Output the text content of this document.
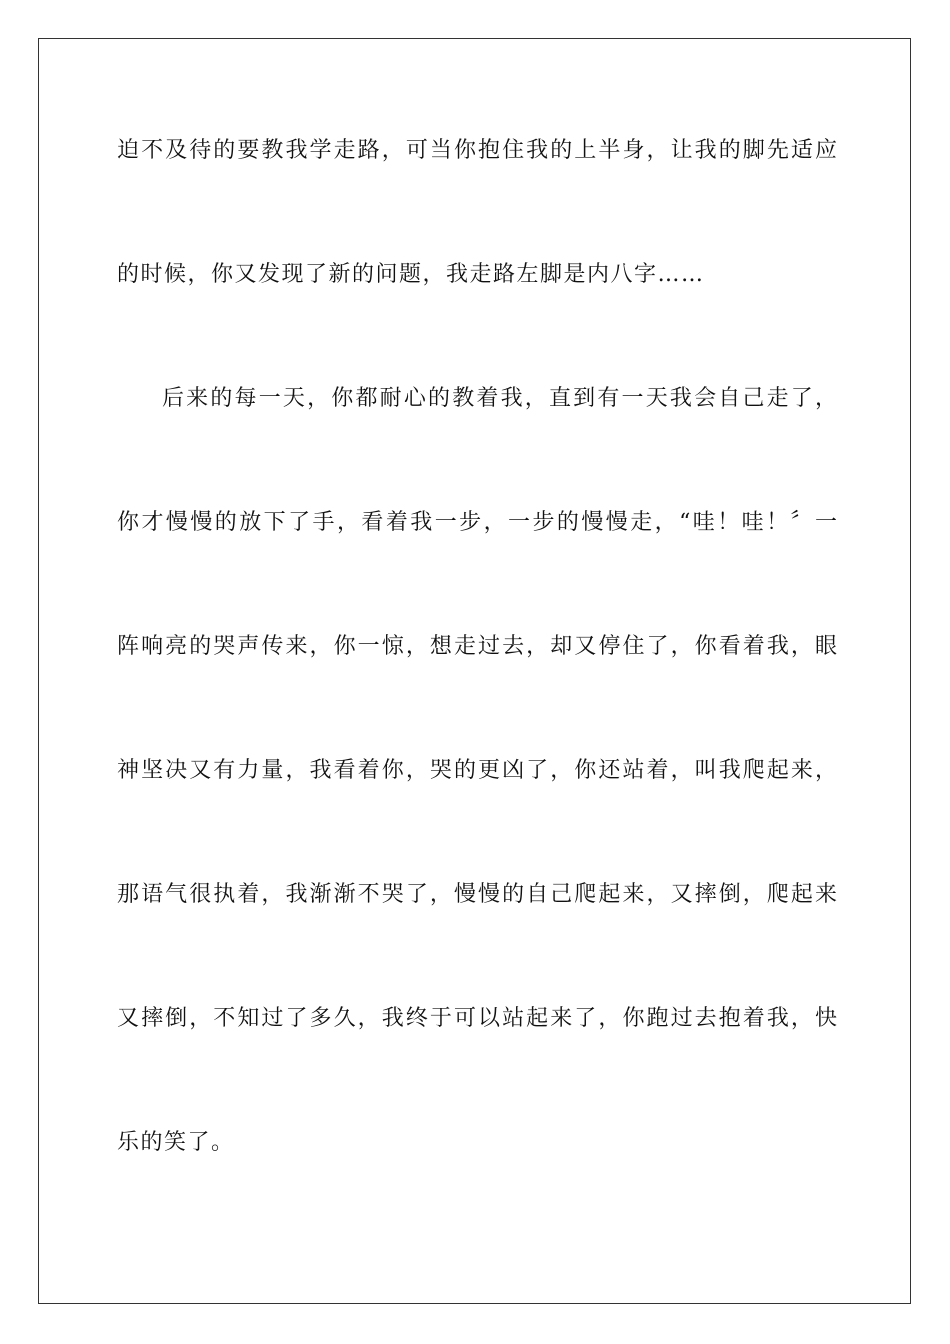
迫不及待的要教我学走路，可当你抱住我的上半身，让我的脚先适应
的时候，你又发现了新的问题，我走路左脚是内八字……
后来的每一天，你都耐心的教着我，直到有一天我会自己走了，
你才慢慢的放下了手，看着我一步，一步的慢慢走，“哇！哇！〞一
阵响亮的哭声传来，你一惊，想走过去，却又停住了，你看着我，眼
神坚决又有力量，我看着你，哭的更凶了，你还站着，叫我爬起来，
那语气很执着，我渐渐不哭了，慢慢的自己爬起来，又摔倒，爬起来
又摔倒，不知过了多久，我终于可以站起来了，你跑过去抱着我，快
乐的笑了。
